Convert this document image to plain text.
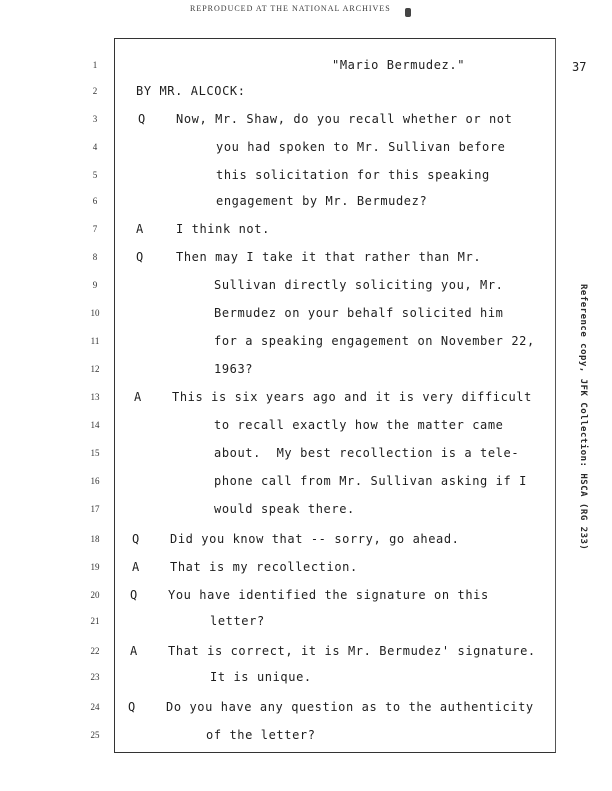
REPRODUCED AT THE NATIONAL ARCHIVES
37
Reference copy, JFK Collection: HSCA (RG 233)
1	"Mario Bermudez."
2	BY MR. ALCOCK:
3	Q	Now, Mr. Shaw, do you recall whether or not
4	you had spoken to Mr. Sullivan before
5	this solicitation for this speaking
6	engagement by Mr. Bermudez?
7	A	I think not.
8	Q	Then may I take it that rather than Mr.
9	Sullivan directly soliciting you, Mr.
10	Bermudez on your behalf solicited him
11	for a speaking engagement on November 22,
12	1963?
13	A	This is six years ago and it is very difficult
14	to recall exactly how the matter came
15	about.  My best recollection is a tele-
16	phone call from Mr. Sullivan asking if I
17	would speak there.
18	Q	Did you know that -- sorry, go ahead.
19	A	That is my recollection.
20	Q	You have identified the signature on this
21	letter?
22	A	That is correct, it is Mr. Bermudez' signature.
23	It is unique.
24 Q	Do you have any question as to the authenticity
25	of the letter?
